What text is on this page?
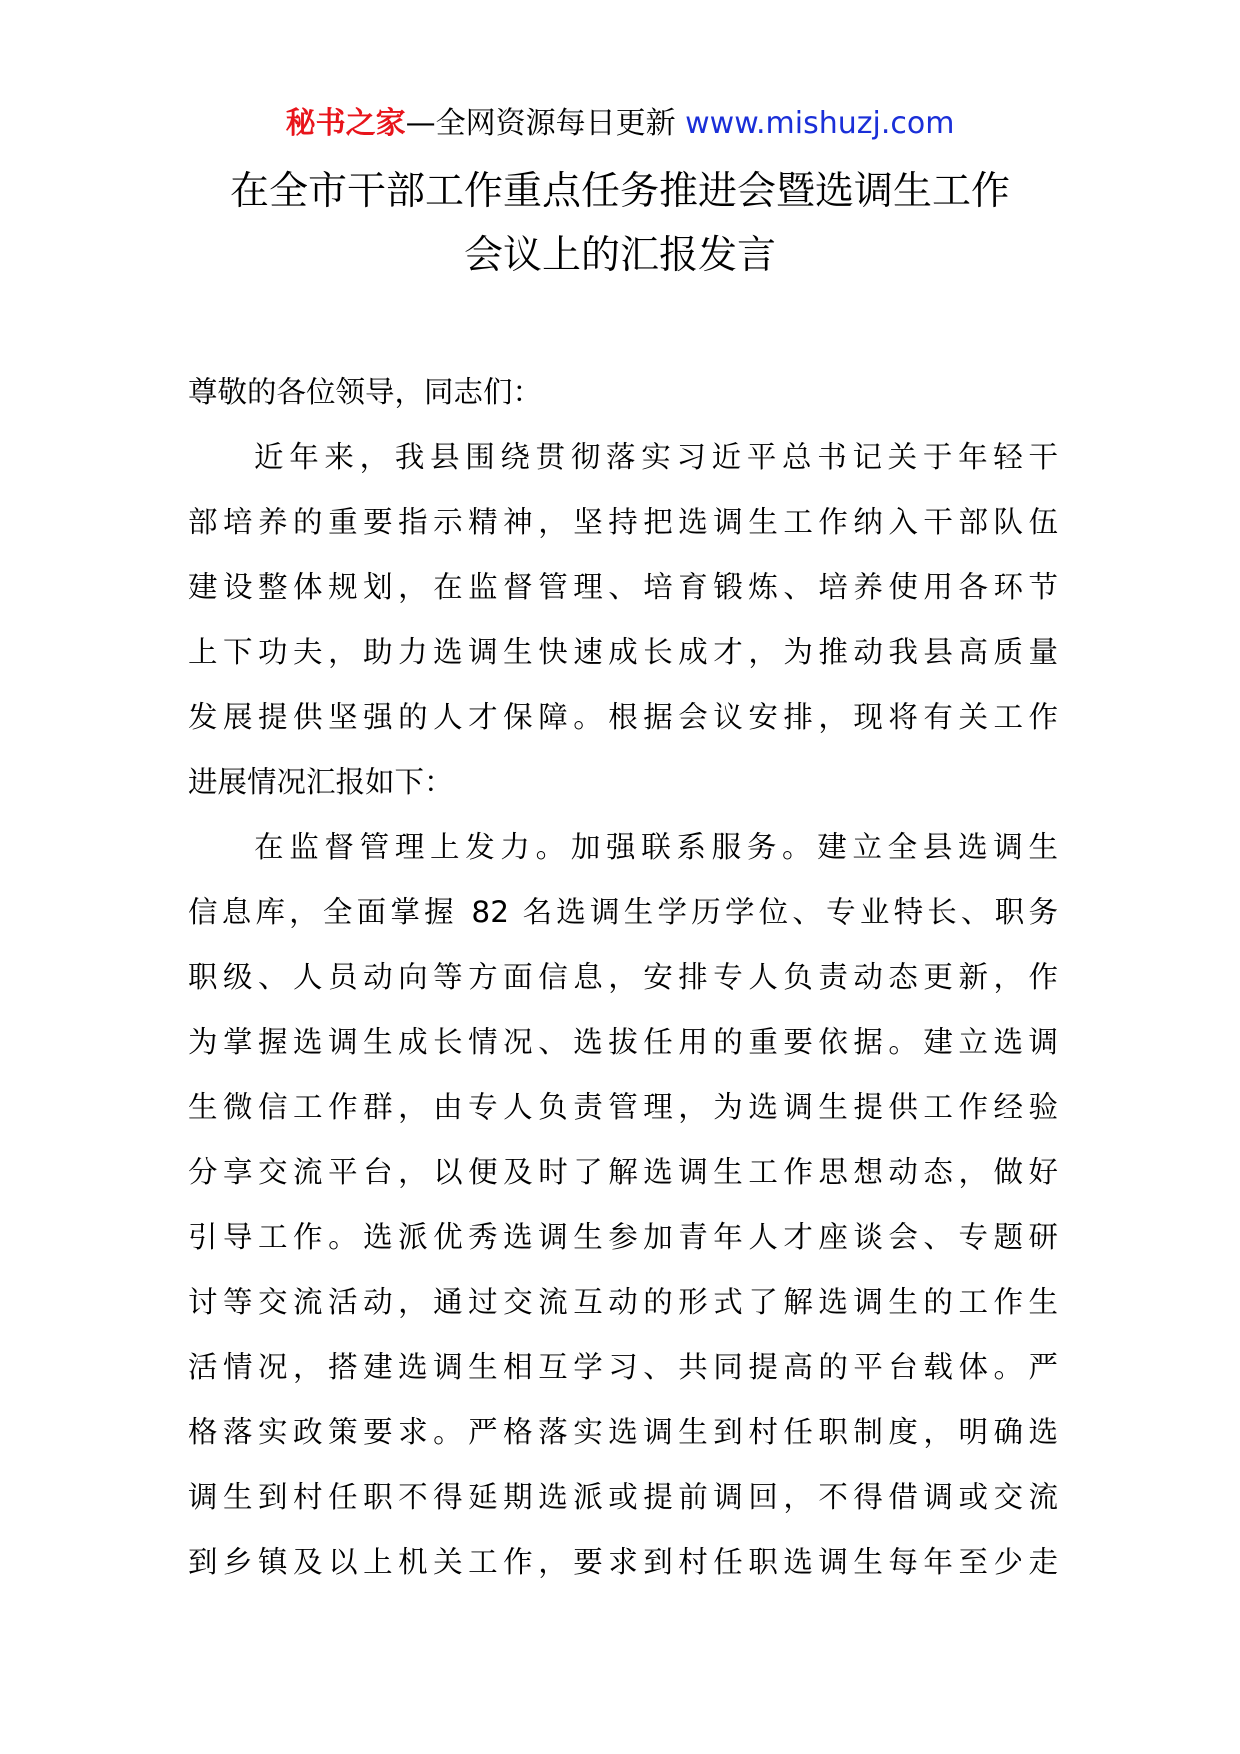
秘书之家—全网资源每日更新 www.mishuzj.com
在全市干部工作重点任务推进会暨选调生工作
会议上的汇报发言
尊敬的各位领导，同志们：
近年来，我县围绕贯彻落实习近平总书记关于年轻干
部培养的重要指示精神，坚持把选调生工作纳入干部队伍
建设整体规划，在监督管理、培育锻炼、培养使用各环节
上下功夫，助力选调生快速成长成才，为推动我县高质量
发展提供坚强的人才保障。根据会议安排，现将有关工作
进展情况汇报如下：
在监督管理上发力。加强联系服务。建立全县选调生
信息库，全面掌握 82 名选调生学历学位、专业特长、职务
职级、人员动向等方面信息，安排专人负责动态更新，作
为掌握选调生成长情况、选拔任用的重要依据。建立选调
生微信工作群，由专人负责管理，为选调生提供工作经验
分享交流平台，以便及时了解选调生工作思想动态，做好
引导工作。选派优秀选调生参加青年人才座谈会、专题研
讨等交流活动，通过交流互动的形式了解选调生的工作生
活情况，搭建选调生相互学习、共同提高的平台载体。严
格落实政策要求。严格落实选调生到村任职制度，明确选
调生到村任职不得延期选派或提前调回，不得借调或交流
到乡镇及以上机关工作，要求到村任职选调生每年至少走
